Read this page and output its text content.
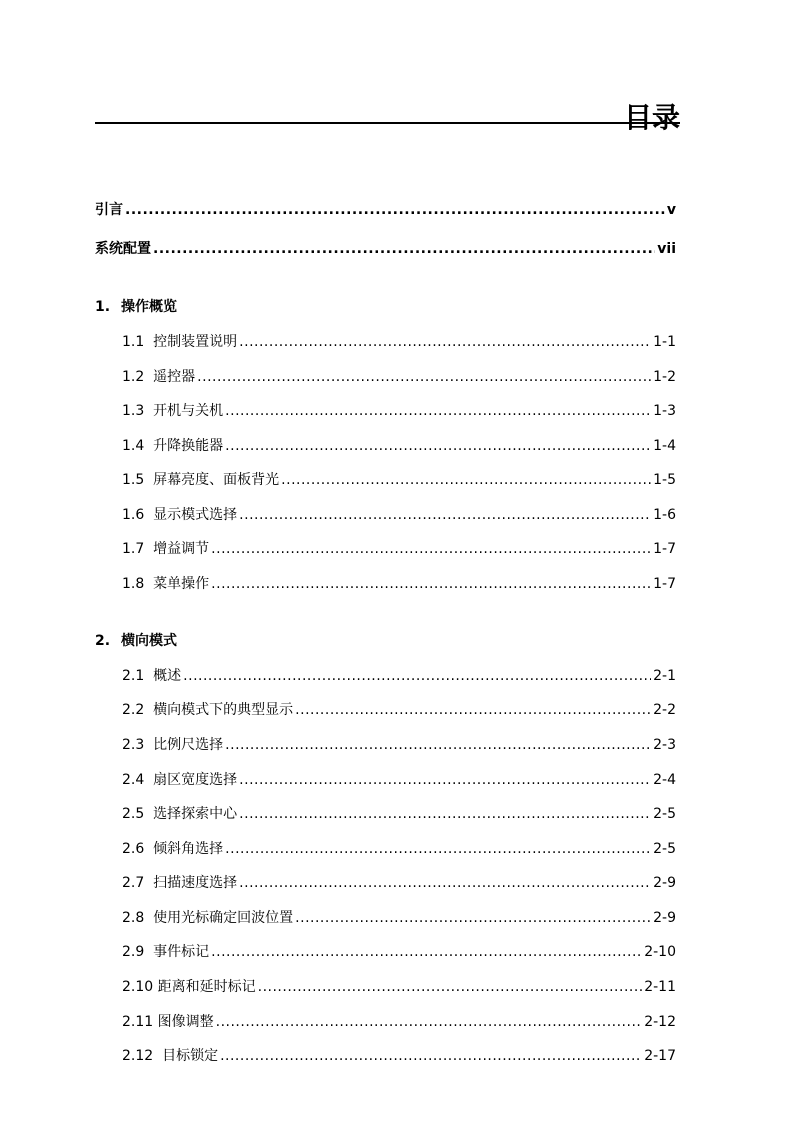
目录
引言 .....	v
系统配置 .....	vii
1. 操作概览
1.1 控制装置说明 .....	1-1
1.2 遥控器 .....	1-2
1.3 开机与关机 .....	1-3
1.4 升降换能器 .....	1-4
1.5 屏幕亮度、面板背光 .....	1-5
1.6 显示模式选择 .....	1-6
1.7 增益调节 .....	1-7
1.8 菜单操作 .....	1-7
2. 横向模式
2.1 概述 .....	2-1
2.2 横向模式下的典型显示 .....	2-2
2.3 比例尺选择 .....	2-3
2.4 扇区宽度选择 .....	2-4
2.5 选择探索中心 .....	2-5
2.6 倾斜角选择 .....	2-5
2.7 扫描速度选择 .....	2-9
2.8 使用光标确定回波位置 .....	2-9
2.9 事件标记 .....	2-10
2.10 距离和延时标记 .....	2-11
2.11 图像调整 .....	2-12
2.12 目标锁定 .....	2-17
